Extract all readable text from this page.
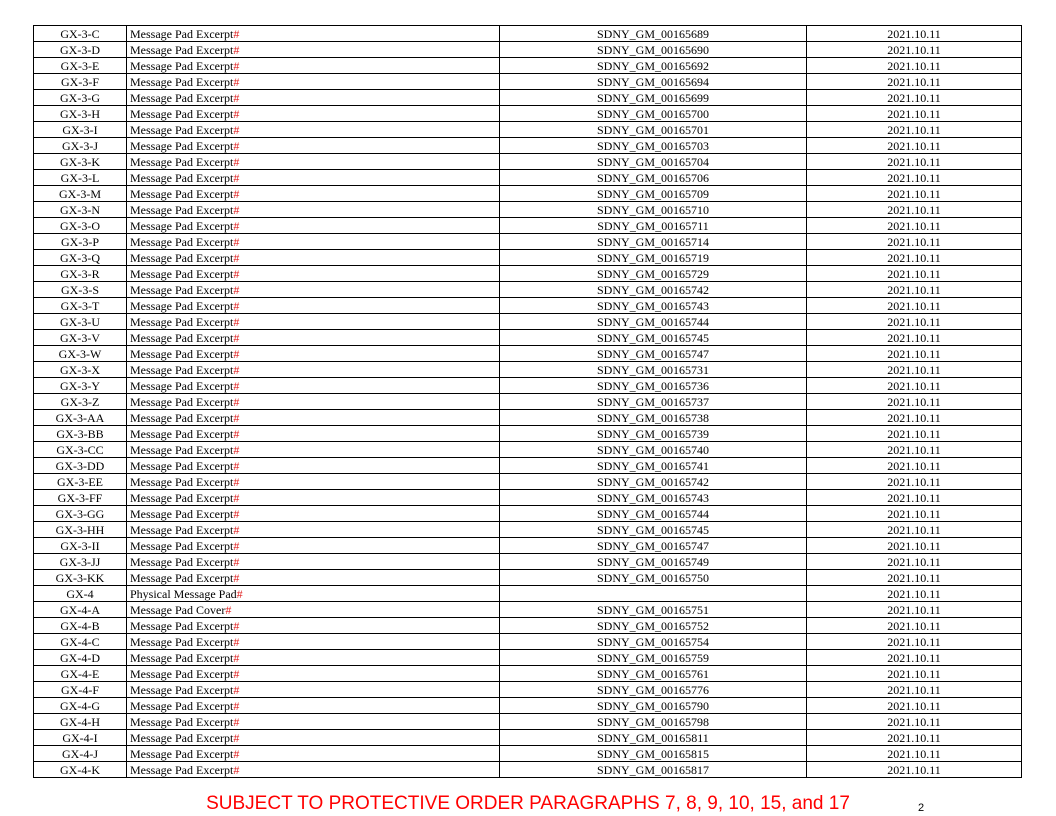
GX-3-C	Message Pad Excerpt#	SDNY_GM_00165689	2021.10.11
GX-3-D	Message Pad Excerpt#	SDNY_GM_00165690	2021.10.11
GX-3-E	Message Pad Excerpt#	SDNY_GM_00165692	2021.10.11
GX-3-F	Message Pad Excerpt#	SDNY_GM_00165694	2021.10.11
GX-3-G	Message Pad Excerpt#	SDNY_GM_00165699	2021.10.11
GX-3-H	Message Pad Excerpt#	SDNY_GM_00165700	2021.10.11
GX-3-I	Message Pad Excerpt#	SDNY_GM_00165701	2021.10.11
GX-3-J	Message Pad Excerpt#	SDNY_GM_00165703	2021.10.11
GX-3-K	Message Pad Excerpt#	SDNY_GM_00165704	2021.10.11
GX-3-L	Message Pad Excerpt#	SDNY_GM_00165706	2021.10.11
GX-3-M	Message Pad Excerpt#	SDNY_GM_00165709	2021.10.11
GX-3-N	Message Pad Excerpt#	SDNY_GM_00165710	2021.10.11
GX-3-O	Message Pad Excerpt#	SDNY_GM_00165711	2021.10.11
GX-3-P	Message Pad Excerpt#	SDNY_GM_00165714	2021.10.11
GX-3-Q	Message Pad Excerpt#	SDNY_GM_00165719	2021.10.11
GX-3-R	Message Pad Excerpt#	SDNY_GM_00165729	2021.10.11
GX-3-S	Message Pad Excerpt#	SDNY_GM_00165742	2021.10.11
GX-3-T	Message Pad Excerpt#	SDNY_GM_00165743	2021.10.11
GX-3-U	Message Pad Excerpt#	SDNY_GM_00165744	2021.10.11
GX-3-V	Message Pad Excerpt#	SDNY_GM_00165745	2021.10.11
GX-3-W	Message Pad Excerpt#	SDNY_GM_00165747	2021.10.11
GX-3-X	Message Pad Excerpt#	SDNY_GM_00165731	2021.10.11
GX-3-Y	Message Pad Excerpt#	SDNY_GM_00165736	2021.10.11
GX-3-Z	Message Pad Excerpt#	SDNY_GM_00165737	2021.10.11
GX-3-AA	Message Pad Excerpt#	SDNY_GM_00165738	2021.10.11
GX-3-BB	Message Pad Excerpt#	SDNY_GM_00165739	2021.10.11
GX-3-CC	Message Pad Excerpt#	SDNY_GM_00165740	2021.10.11
GX-3-DD	Message Pad Excerpt#	SDNY_GM_00165741	2021.10.11
GX-3-EE	Message Pad Excerpt#	SDNY_GM_00165742	2021.10.11
GX-3-FF	Message Pad Excerpt#	SDNY_GM_00165743	2021.10.11
GX-3-GG	Message Pad Excerpt#	SDNY_GM_00165744	2021.10.11
GX-3-HH	Message Pad Excerpt#	SDNY_GM_00165745	2021.10.11
GX-3-II	Message Pad Excerpt#	SDNY_GM_00165747	2021.10.11
GX-3-JJ	Message Pad Excerpt#	SDNY_GM_00165749	2021.10.11
GX-3-KK	Message Pad Excerpt#	SDNY_GM_00165750	2021.10.11
GX-4	Physical Message Pad#		2021.10.11
GX-4-A	Message Pad Cover#	SDNY_GM_00165751	2021.10.11
GX-4-B	Message Pad Excerpt#	SDNY_GM_00165752	2021.10.11
GX-4-C	Message Pad Excerpt#	SDNY_GM_00165754	2021.10.11
GX-4-D	Message Pad Excerpt#	SDNY_GM_00165759	2021.10.11
GX-4-E	Message Pad Excerpt#	SDNY_GM_00165761	2021.10.11
GX-4-F	Message Pad Excerpt#	SDNY_GM_00165776	2021.10.11
GX-4-G	Message Pad Excerpt#	SDNY_GM_00165790	2021.10.11
GX-4-H	Message Pad Excerpt#	SDNY_GM_00165798	2021.10.11
GX-4-I	Message Pad Excerpt#	SDNY_GM_00165811	2021.10.11
GX-4-J	Message Pad Excerpt#	SDNY_GM_00165815	2021.10.11
GX-4-K	Message Pad Excerpt#	SDNY_GM_00165817	2021.10.11
SUBJECT TO PROTECTIVE ORDER PARAGRAPHS 7, 8, 9, 10, 15, and 17	2
